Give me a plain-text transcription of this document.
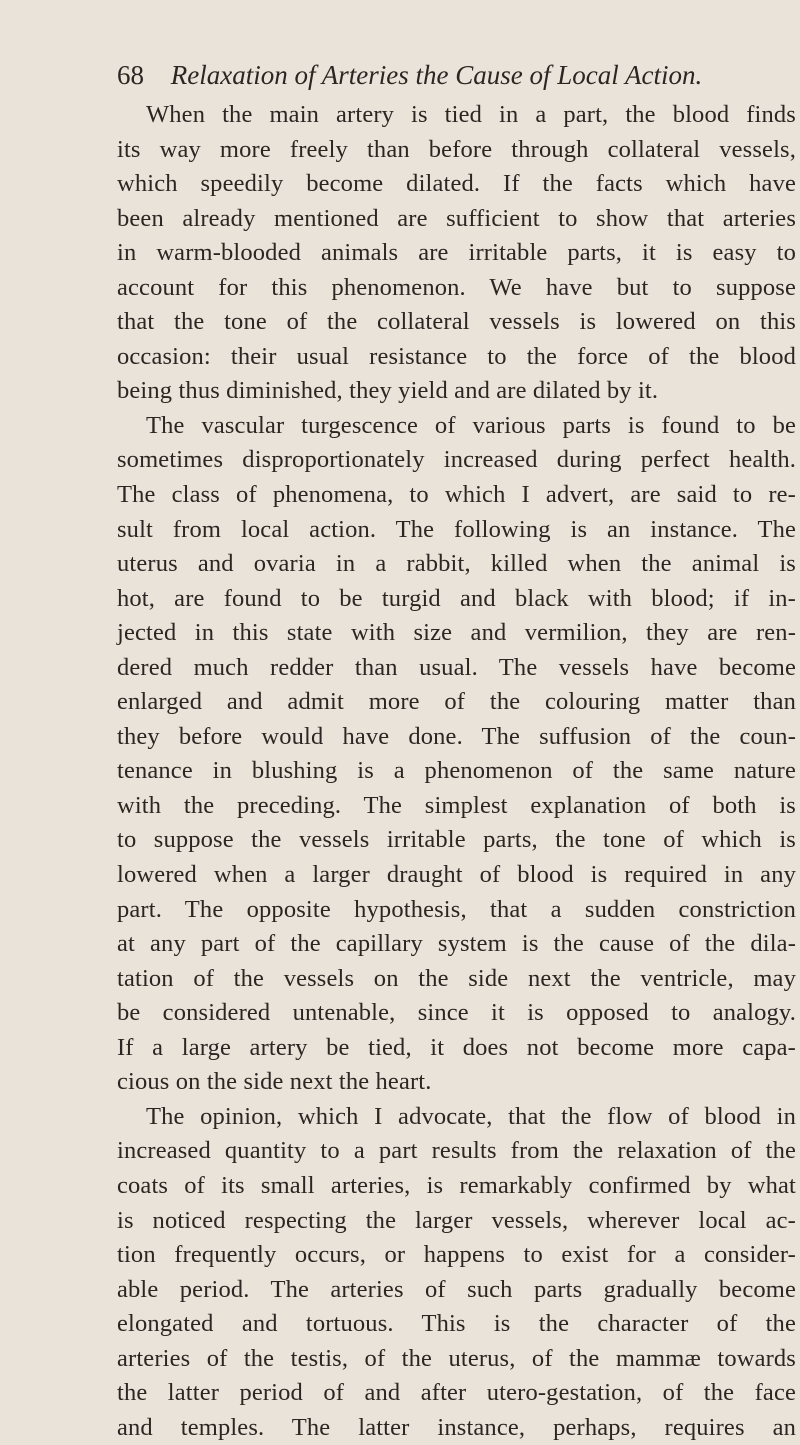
68 Relaxation of Arteries the Cause of Local Action.
When the main artery is tied in a part, the blood finds
its way more freely than before through collateral vessels,
which speedily become dilated. If the facts which have
been already mentioned are sufficient to show that arteries
in warm-blooded animals are irritable parts, it is easy to
account for this phenomenon. We have but to suppose
that the tone of the collateral vessels is lowered on this
occasion: their usual resistance to the force of the blood
being thus diminished, they yield and are dilated by it.
The vascular turgescence of various parts is found to be
sometimes disproportionately increased during perfect health.
The class of phenomena, to which I advert, are said to re-
sult from local action. The following is an instance. The
uterus and ovaria in a rabbit, killed when the animal is
hot, are found to be turgid and black with blood; if in-
jected in this state with size and vermilion, they are ren-
dered much redder than usual. The vessels have become
enlarged and admit more of the colouring matter than
they before would have done. The suffusion of the coun-
tenance in blushing is a phenomenon of the same nature
with the preceding. The simplest explanation of both is
to suppose the vessels irritable parts, the tone of which is
lowered when a larger draught of blood is required in any
part. The opposite hypothesis, that a sudden constriction
at any part of the capillary system is the cause of the dila-
tation of the vessels on the side next the ventricle, may
be considered untenable, since it is opposed to analogy.
If a large artery be tied, it does not become more capa-
cious on the side next the heart.
The opinion, which I advocate, that the flow of blood in
increased quantity to a part results from the relaxation of the
coats of its small arteries, is remarkably confirmed by what
is noticed respecting the larger vessels, wherever local ac-
tion frequently occurs, or happens to exist for a consider-
able period. The arteries of such parts gradually become
elongated and tortuous. This is the character of the
arteries of the testis, of the uterus, of the mammæ towards
the latter period of and after utero-gestation, of the face
and temples. The latter instance, perhaps, requires an
